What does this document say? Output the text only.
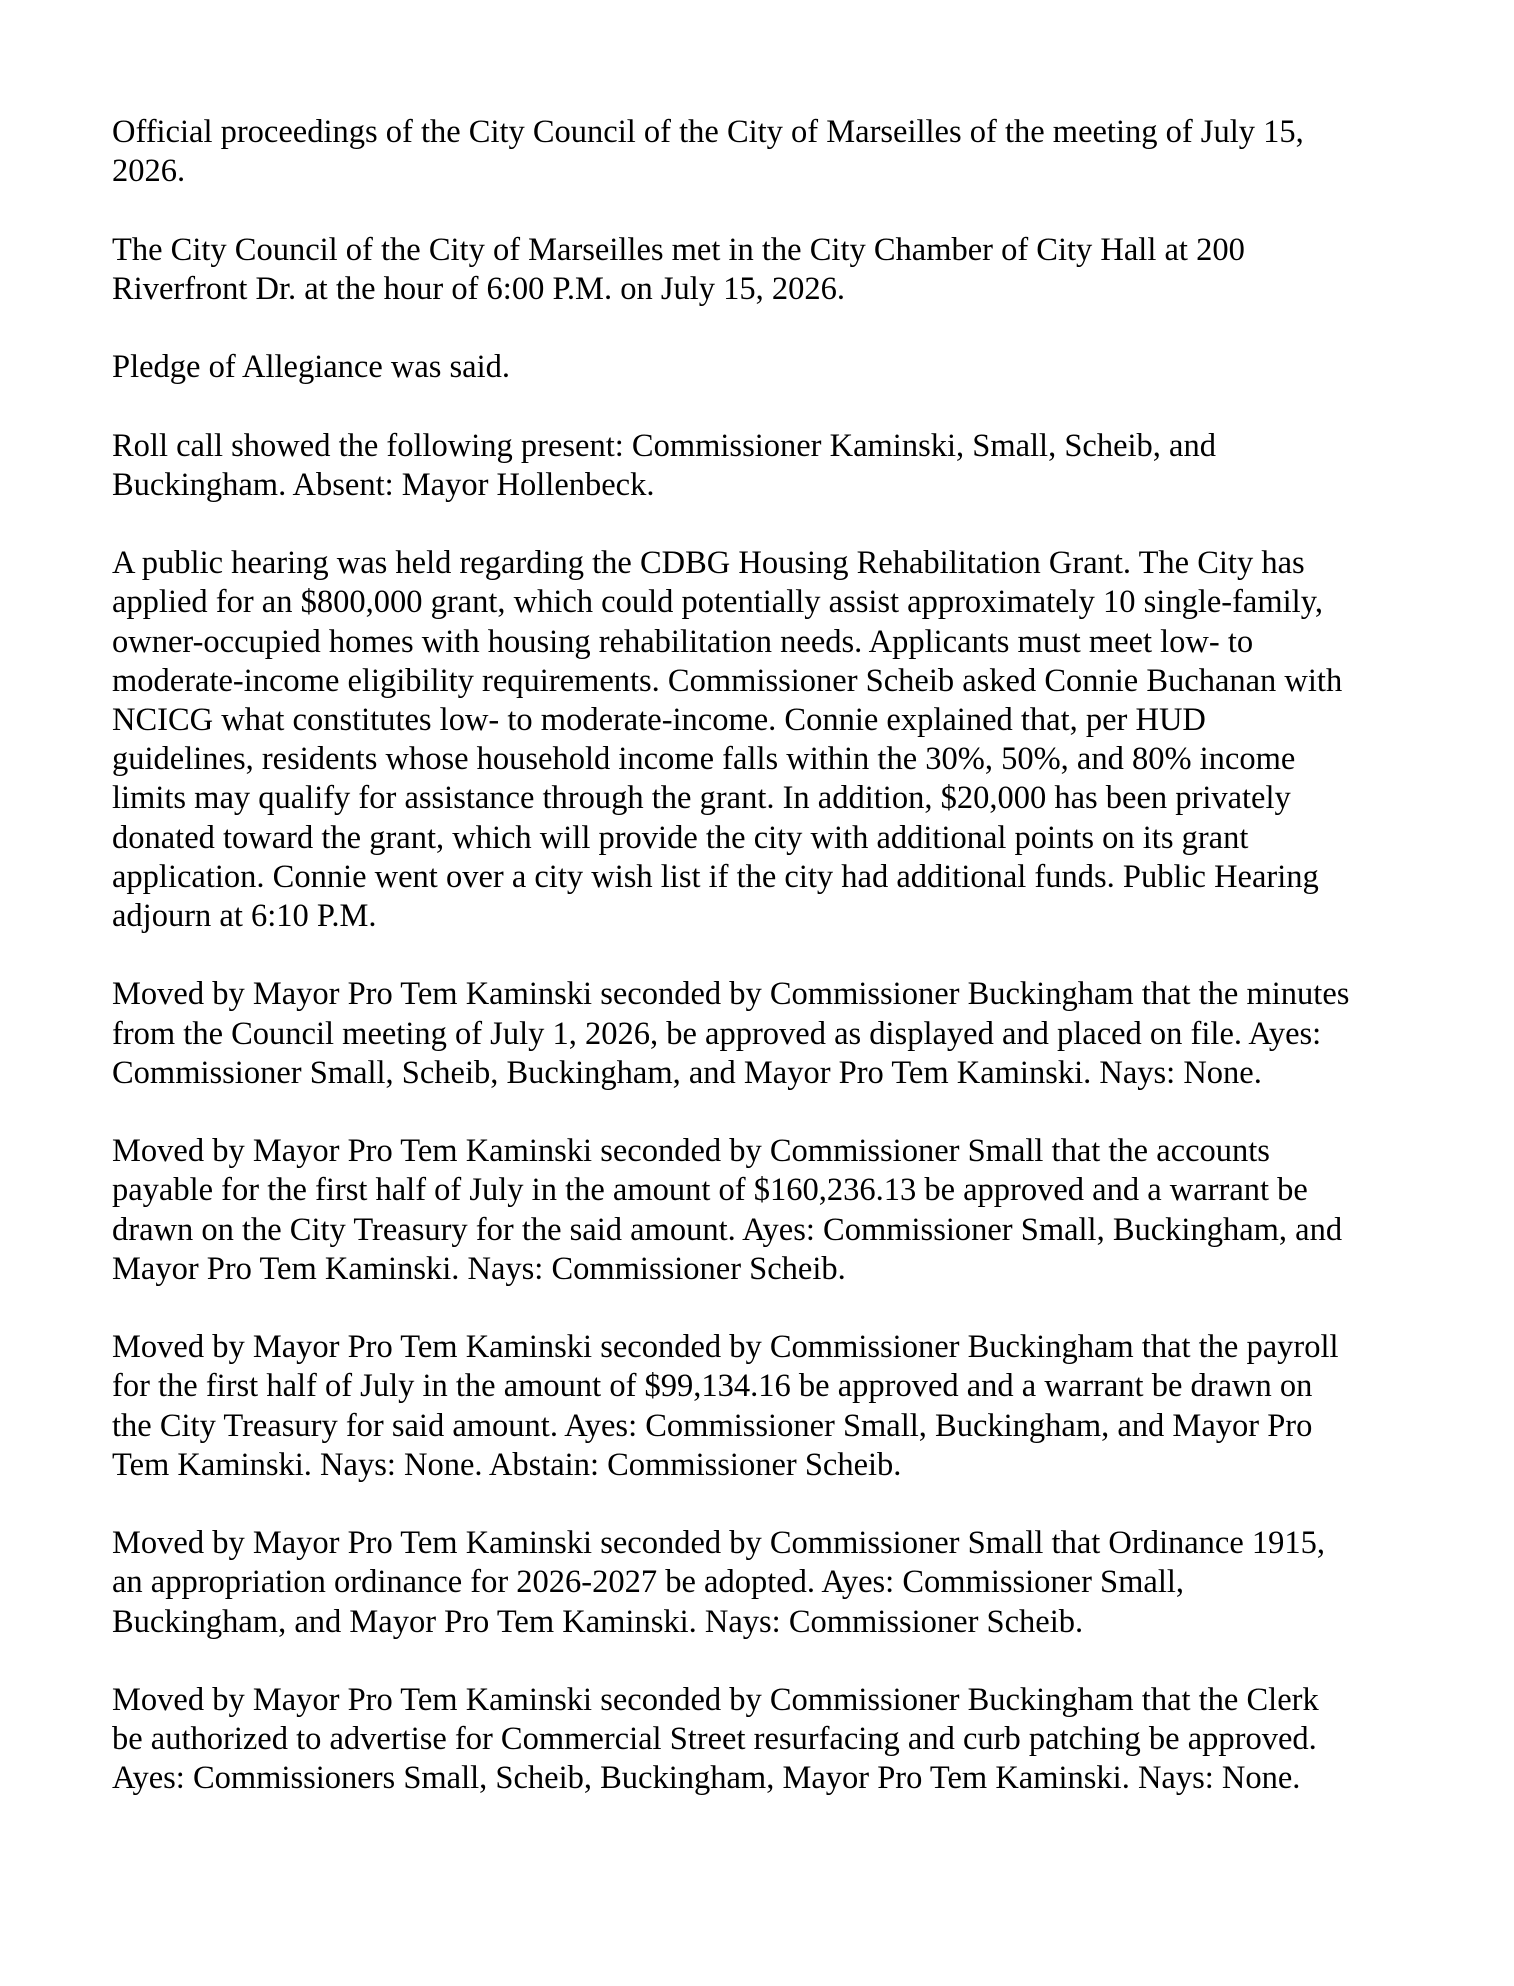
Official proceedings of the City Council of the City of Marseilles of the meeting of July 15, 2026.

The City Council of the City of Marseilles met in the City Chamber of City Hall at 200 Riverfront Dr. at the hour of 6:00 P.M. on July 15, 2026.

Pledge of Allegiance was said.

Roll call showed the following present: Commissioner Kaminski, Small, Scheib, and Buckingham. Absent: Mayor Hollenbeck.

A public hearing was held regarding the CDBG Housing Rehabilitation Grant. The City has applied for an $800,000 grant, which could potentially assist approximately 10 single-family, owner-occupied homes with housing rehabilitation needs. Applicants must meet low- to moderate-income eligibility requirements. Commissioner Scheib asked Connie Buchanan with NCICG what constitutes low- to moderate-income. Connie explained that, per HUD guidelines, residents whose household income falls within the 30%, 50%, and 80% income limits may qualify for assistance through the grant. In addition, $20,000 has been privately donated toward the grant, which will provide the city with additional points on its grant application. Connie went over a city wish list if the city had additional funds. Public Hearing adjourn at 6:10 P.M.

Moved by Mayor Pro Tem Kaminski seconded by Commissioner Buckingham that the minutes from the Council meeting of July 1, 2026, be approved as displayed and placed on file. Ayes: Commissioner Small, Scheib, Buckingham, and Mayor Pro Tem Kaminski. Nays: None.

Moved by Mayor Pro Tem Kaminski seconded by Commissioner Small that the accounts payable for the first half of July in the amount of $160,236.13 be approved and a warrant be drawn on the City Treasury for the said amount. Ayes: Commissioner Small, Buckingham, and Mayor Pro Tem Kaminski. Nays: Commissioner Scheib.

Moved by Mayor Pro Tem Kaminski seconded by Commissioner Buckingham that the payroll for the first half of July in the amount of $99,134.16 be approved and a warrant be drawn on the City Treasury for said amount. Ayes: Commissioner Small, Buckingham, and Mayor Pro Tem Kaminski. Nays: None. Abstain: Commissioner Scheib.

Moved by Mayor Pro Tem Kaminski seconded by Commissioner Small that Ordinance 1915, an appropriation ordinance for 2026-2027 be adopted. Ayes: Commissioner Small, Buckingham, and Mayor Pro Tem Kaminski. Nays: Commissioner Scheib.

Moved by Mayor Pro Tem Kaminski seconded by Commissioner Buckingham that the Clerk be authorized to advertise for Commercial Street resurfacing and curb patching be approved. Ayes: Commissioners Small, Scheib, Buckingham, Mayor Pro Tem Kaminski. Nays: None.
